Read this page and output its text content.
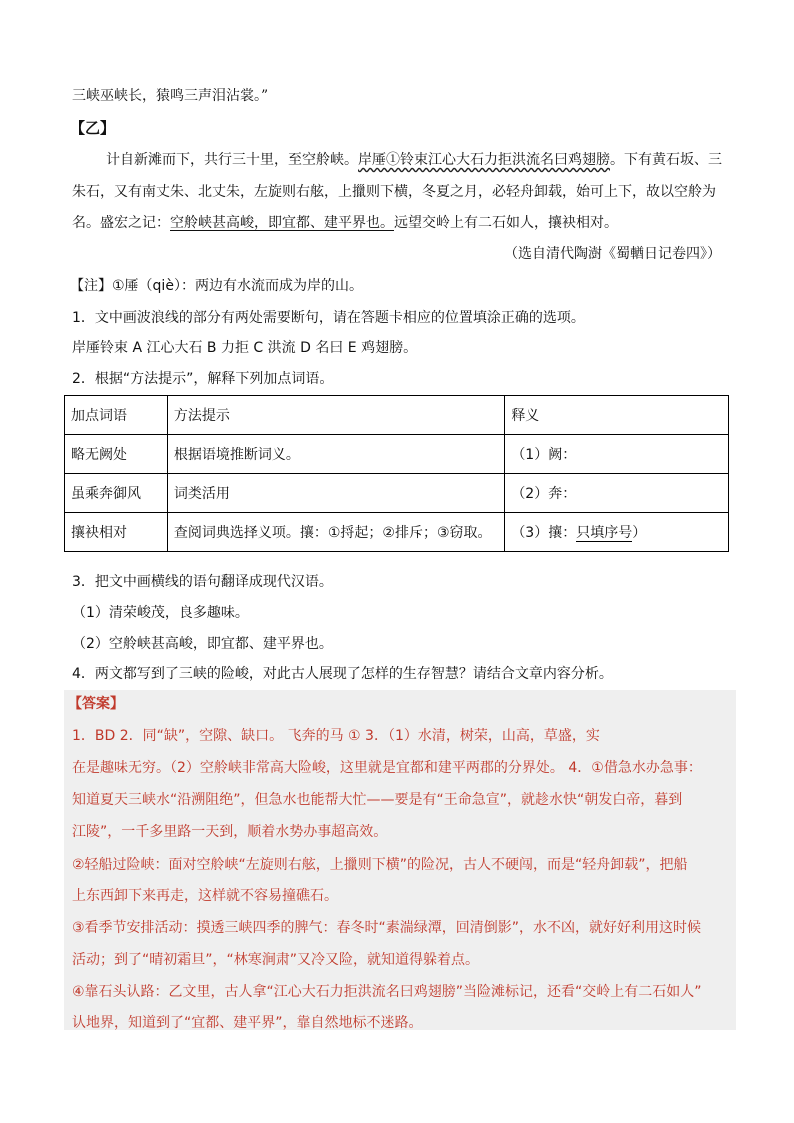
三峡巫峡长，猿鸣三声泪沾裳。”
【乙】
计自新滩而下，共行三十里，至空舲峡。岸厜①铃束江心大石力拒洪流名曰鸡翅膀。下有黄石坂、三
朱石，又有南丈朱、北丈朱，左旋则右舷，上擸则下横，冬夏之月，必轻舟卸载，始可上下，故以空舲为
名。盛宏之记：空舲峡甚高峻，即宜都、建平界也。远望交岭上有二石如人，攘袂相对。
（选自清代陶澍《蜀輶日记卷四》）
【注】①厜（qiè）：两边有水流而成为岸的山。
1．文中画波浪线的部分有两处需要断句，请在答题卡相应的位置填涂正确的选项。
岸厜铃束 A 江心大石 B 力拒 C 洪流 D 名曰 E 鸡翅膀。
2．根据“方法提示”，解释下列加点词语。
加点词语	方法提示	释义
略无阙处	根据语境推断词义。	（1）阙：
虽乘奔御风	词类活用	（2）奔：
攘袂相对	查阅词典选择义项。攘：①捋起；②排斥；③窃取。	（3）攘：只填序号）
3．把文中画横线的语句翻译成现代汉语。
（1）清荣峻茂，良多趣味。
（2）空舲峡甚高峻，即宜都、建平界也。
4．两文都写到了三峡的险峻，对此古人展现了怎样的生存智慧？请结合文章内容分析。
【答案】
1．BD 2．同“缺”，空隙、缺口。 飞奔的马 ① 3．（1）水清，树荣，山高，草盛，实
在是趣味无穷。（2）空舲峡非常高大险峻，这里就是宜都和建平两郡的分界处。 4．①借急水办急事：
知道夏天三峡水“沿溯阻绝”，但急水也能帮大忙——要是有“王命急宣”，就趁水快“朝发白帝，暮到
江陵”，一千多里路一天到，顺着水势办事超高效。
②轻船过险峡：面对空舲峡“左旋则右舷，上擸则下横”的险况，古人不硬闯，而是“轻舟卸载”，把船
上东西卸下来再走，这样就不容易撞礁石。
③看季节安排活动：摸透三峡四季的脾气：春冬时“素湍绿潭，回清倒影”，水不凶，就好好利用这时候
活动；到了“晴初霜旦”，“林寒涧肃”又冷又险，就知道得躲着点。
④靠石头认路：乙文里，古人拿“江心大石力拒洪流名曰鸡翅膀”当险滩标记，还看“交岭上有二石如人”
认地界，知道到了“宜都、建平界”，靠自然地标不迷路。
